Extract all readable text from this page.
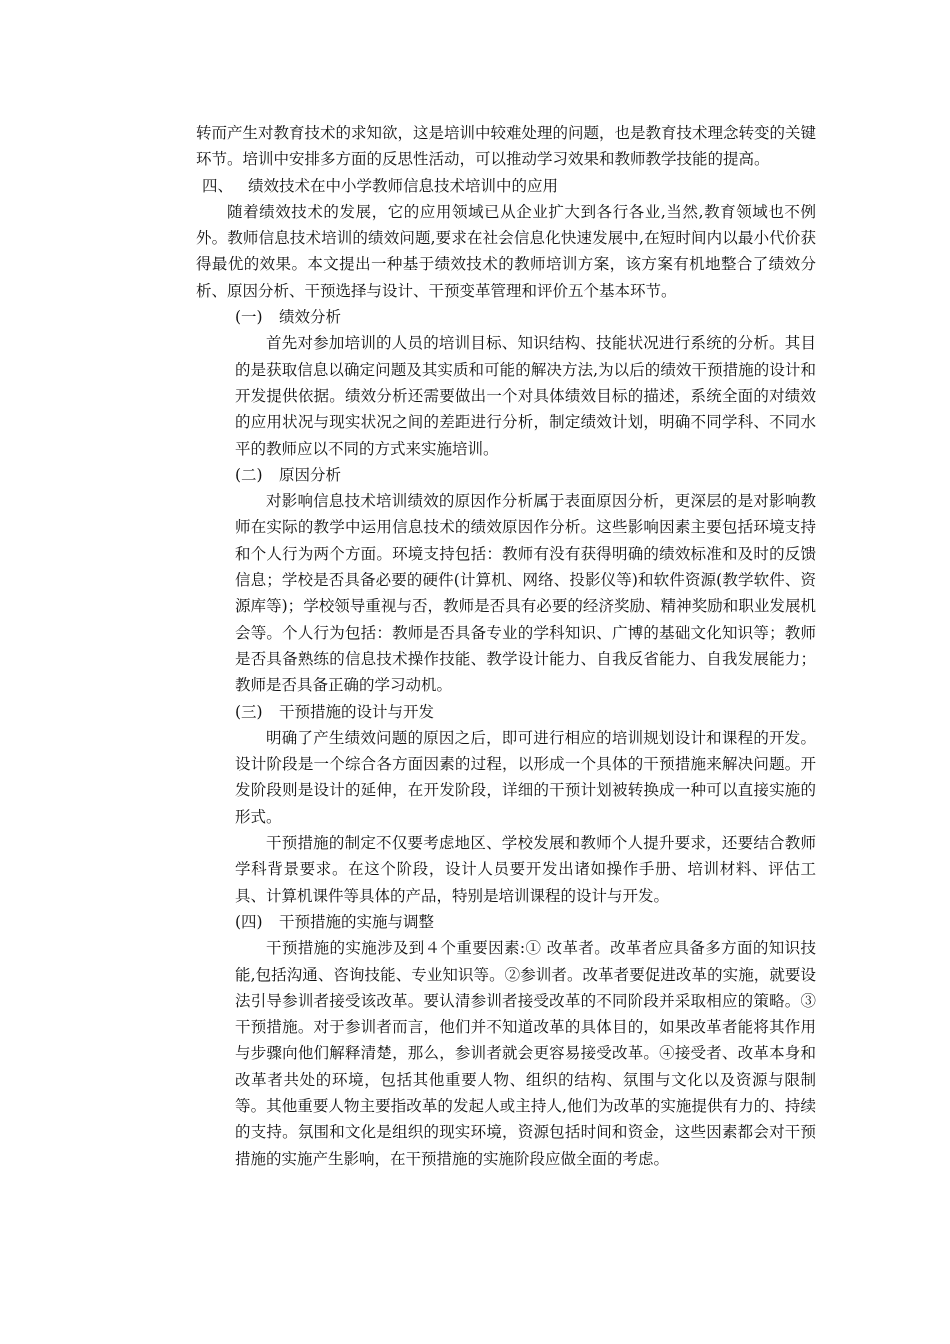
转而产生对教育技术的求知欲，这是培训中较难处理的问题，也是教育技术理念转变的关键环节。培训中安排多方面的反思性活动，可以推动学习效果和教师教学技能的提高。

四、 绩效技术在中小学教师信息技术培训中的应用

随着绩效技术的发展，它的应用领域已从企业扩大到各行各业,当然,教育领域也不例外。教师信息技术培训的绩效问题,要求在社会信息化快速发展中,在短时间内以最小代价获得最优的效果。本文提出一种基于绩效技术的教师培训方案，该方案有机地整合了绩效分析、原因分析、干预选择与设计、干预变革管理和评价五个基本环节。

(一) 绩效分析

首先对参加培训的人员的培训目标、知识结构、技能状况进行系统的分析。其目的是获取信息以确定问题及其实质和可能的解决方法,为以后的绩效干预措施的设计和开发提供依据。绩效分析还需要做出一个对具体绩效目标的描述，系统全面的对绩效的应用状况与现实状况之间的差距进行分析，制定绩效计划，明确不同学科、不同水平的教师应以不同的方式来实施培训。

(二) 原因分析

对影响信息技术培训绩效的原因作分析属于表面原因分析，更深层的是对影响教师在实际的教学中运用信息技术的绩效原因作分析。这些影响因素主要包括环境支持和个人行为两个方面。环境支持包括：教师有没有获得明确的绩效标准和及时的反馈信息；学校是否具备必要的硬件(计算机、网络、投影仪等)和软件资源(教学软件、资源库等)；学校领导重视与否，教师是否具有必要的经济奖励、精神奖励和职业发展机会等。个人行为包括：教师是否具备专业的学科知识、广博的基础文化知识等；教师是否具备熟练的信息技术操作技能、教学设计能力、自我反省能力、自我发展能力；教师是否具备正确的学习动机。

(三) 干预措施的设计与开发

明确了产生绩效问题的原因之后，即可进行相应的培训规划设计和课程的开发。设计阶段是一个综合各方面因素的过程，以形成一个具体的干预措施来解决问题。开发阶段则是设计的延伸，在开发阶段，详细的干预计划被转换成一种可以直接实施的形式。

干预措施的制定不仅要考虑地区、学校发展和教师个人提升要求，还要结合教师学科背景要求。在这个阶段，设计人员要开发出诸如操作手册、培训材料、评估工具、计算机课件等具体的产品，特别是培训课程的设计与开发。

(四) 干预措施的实施与调整

干预措施的实施涉及到４个重要因素:① 改革者。改革者应具备多方面的知识技能,包括沟通、咨询技能、专业知识等。②参训者。改革者要促进改革的实施，就要设法引导参训者接受该改革。要认清参训者接受改革的不同阶段并采取相应的策略。③干预措施。对于参训者而言，他们并不知道改革的具体目的，如果改革者能将其作用与步骤向他们解释清楚，那么，参训者就会更容易接受改革。④接受者、改革本身和改革者共处的环境，包括其他重要人物、组织的结构、氛围与文化以及资源与限制等。其他重要人物主要指改革的发起人或主持人,他们为改革的实施提供有力的、持续的支持。氛围和文化是组织的现实环境，资源包括时间和资金，这些因素都会对干预措施的实施产生影响，在干预措施的实施阶段应做全面的考虑。
